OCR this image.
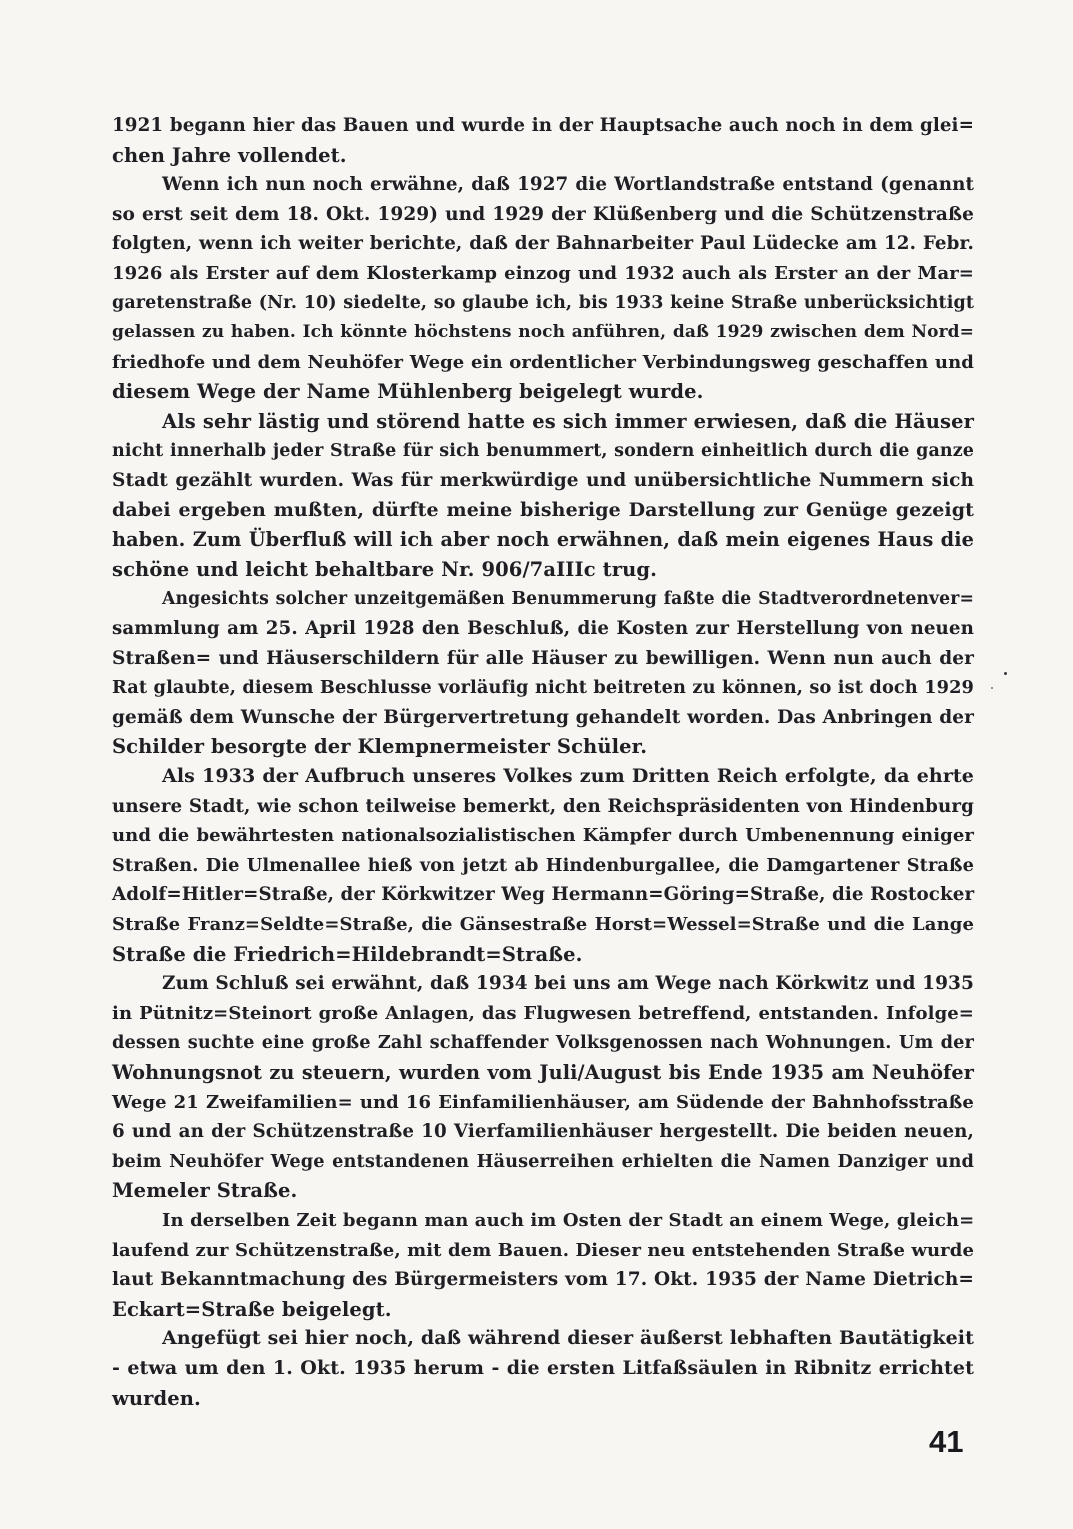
1921 begann hier das Bauen und wurde in der Hauptsache auch noch in dem glei=
chen Jahre vollendet.
Wenn ich nun noch erwähne, daß 1927 die Wortlandstraße entstand (genannt
so erst seit dem 18. Okt. 1929) und 1929 der Klüßenberg und die Schützenstraße
folgten, wenn ich weiter berichte, daß der Bahnarbeiter Paul Lüdecke am 12. Febr.
1926 als Erster auf dem Klosterkamp einzog und 1932 auch als Erster an der Mar=
garetenstraße (Nr. 10) siedelte, so glaube ich, bis 1933 keine Straße unberücksichtigt
gelassen zu haben. Ich könnte höchstens noch anführen, daß 1929 zwischen dem Nord=
friedhofe und dem Neuhöfer Wege ein ordentlicher Verbindungsweg geschaffen und
diesem Wege der Name Mühlenberg beigelegt wurde.
Als sehr lästig und störend hatte es sich immer erwiesen, daß die Häuser
nicht innerhalb jeder Straße für sich benummert, sondern einheitlich durch die ganze
Stadt gezählt wurden. Was für merkwürdige und unübersichtliche Nummern sich
dabei ergeben mußten, dürfte meine bisherige Darstellung zur Genüge gezeigt
haben. Zum Überfluß will ich aber noch erwähnen, daß mein eigenes Haus die
schöne und leicht behaltbare Nr. 906/7aIIIc trug.
Angesichts solcher unzeitgemäßen Benummerung faßte die Stadtverordnetenver=
sammlung am 25. April 1928 den Beschluß, die Kosten zur Herstellung von neuen
Straßen= und Häuserschildern für alle Häuser zu bewilligen. Wenn nun auch der
Rat glaubte, diesem Beschlusse vorläufig nicht beitreten zu können, so ist doch 1929
gemäß dem Wunsche der Bürgervertretung gehandelt worden. Das Anbringen der
Schilder besorgte der Klempnermeister Schüler.
Als 1933 der Aufbruch unseres Volkes zum Dritten Reich erfolgte, da ehrte
unsere Stadt, wie schon teilweise bemerkt, den Reichspräsidenten von Hindenburg
und die bewährtesten nationalsozialistischen Kämpfer durch Umbenennung einiger
Straßen. Die Ulmenallee hieß von jetzt ab Hindenburgallee, die Damgartener Straße
Adolf=Hitler=Straße, der Körkwitzer Weg Hermann=Göring=Straße, die Rostocker
Straße Franz=Seldte=Straße, die Gänsestraße Horst=Wessel=Straße und die Lange
Straße die Friedrich=Hildebrandt=Straße.
Zum Schluß sei erwähnt, daß 1934 bei uns am Wege nach Körkwitz und 1935
in Pütnitz=Steinort große Anlagen, das Flugwesen betreffend, entstanden. Infolge=
dessen suchte eine große Zahl schaffender Volksgenossen nach Wohnungen. Um der
Wohnungsnot zu steuern, wurden vom Juli/August bis Ende 1935 am Neuhöfer
Wege 21 Zweifamilien= und 16 Einfamilienhäuser, am Südende der Bahnhofsstraße
6 und an der Schützenstraße 10 Vierfamilienhäuser hergestellt. Die beiden neuen,
beim Neuhöfer Wege entstandenen Häuserreihen erhielten die Namen Danziger und
Memeler Straße.
In derselben Zeit begann man auch im Osten der Stadt an einem Wege, gleich=
laufend zur Schützenstraße, mit dem Bauen. Dieser neu entstehenden Straße wurde
laut Bekanntmachung des Bürgermeisters vom 17. Okt. 1935 der Name Dietrich=
Eckart=Straße beigelegt.
Angefügt sei hier noch, daß während dieser äußerst lebhaften Bautätigkeit
- etwa um den 1. Okt. 1935 herum - die ersten Litfaßsäulen in Ribnitz errichtet
wurden.
41
